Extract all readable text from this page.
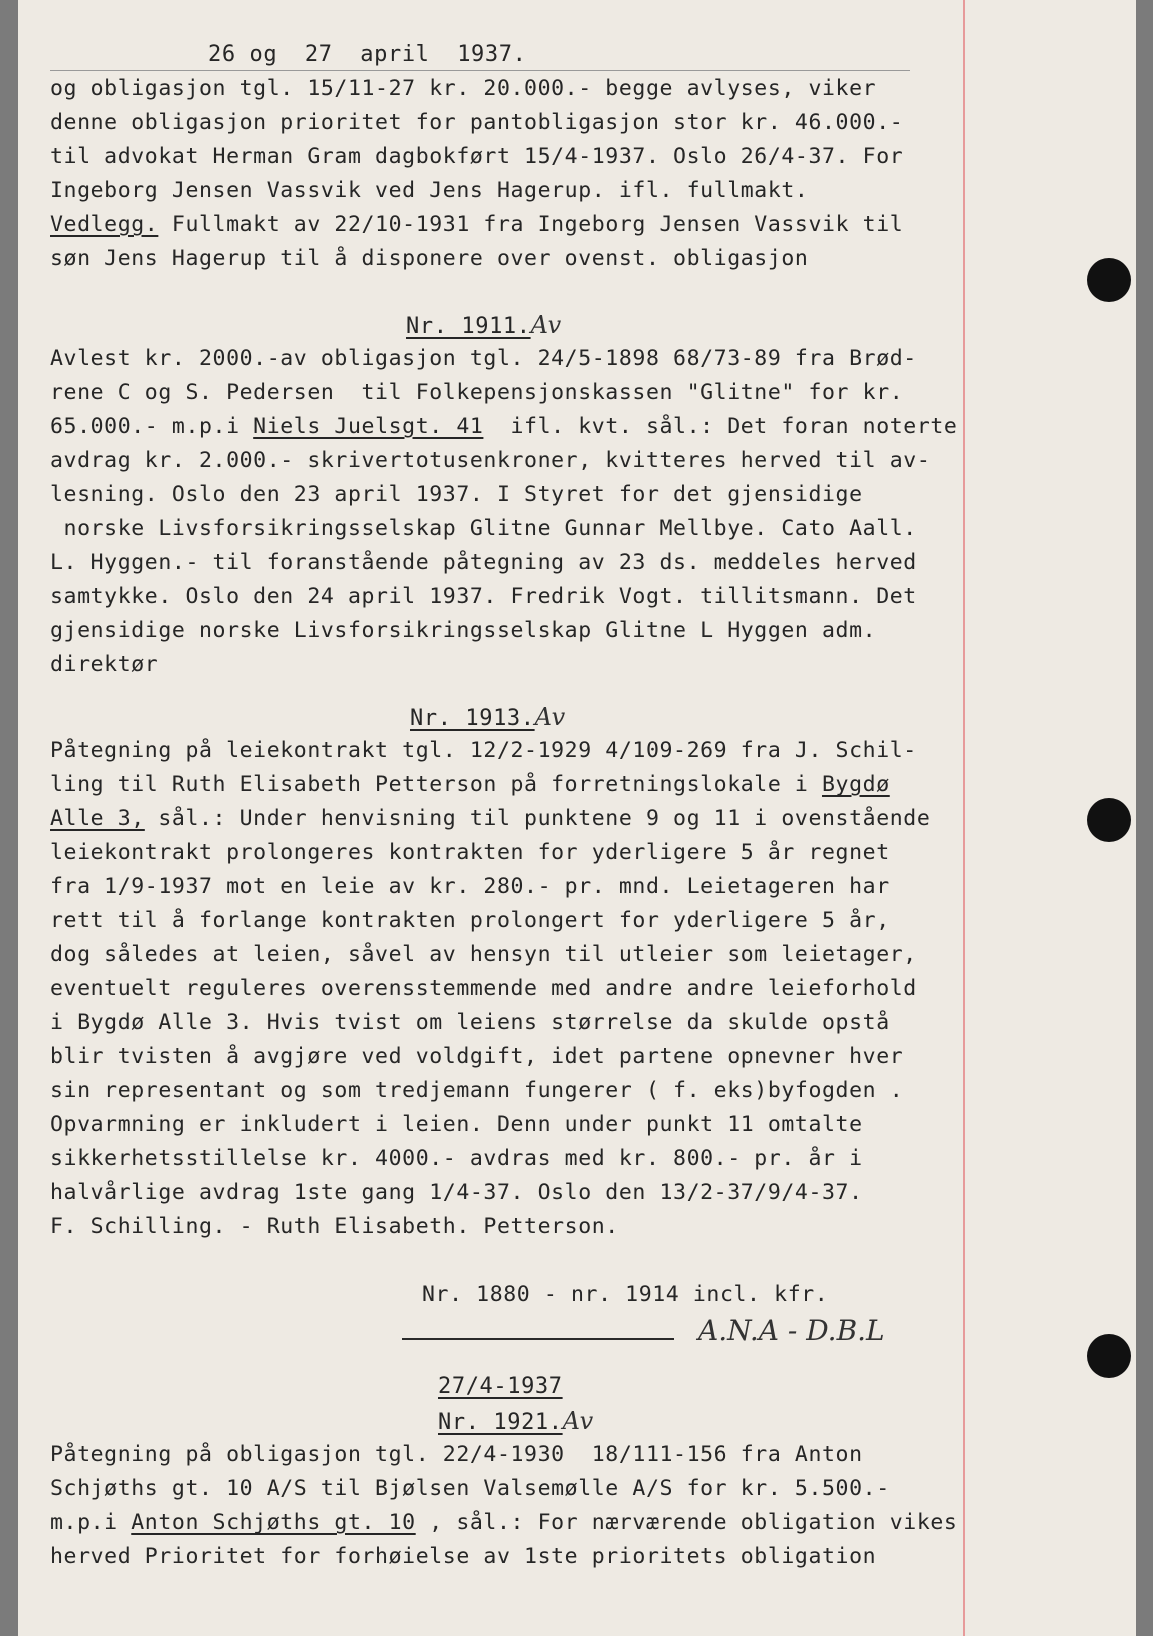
26 og  27  april  1937.

og obligasjon tgl. 15/11-27 kr. 20.000.- begge avlyses, viker

denne obligasjon prioritet for pantobligasjon stor kr. 46.000.-

til advokat Herman Gram dagbokført 15/4-1937. Oslo 26/4-37. For

Ingeborg Jensen Vassvik ved Jens Hagerup. ifl. fullmakt.

Vedlegg. Fullmakt av 22/10-1931 fra Ingeborg Jensen Vassvik til

søn Jens Hagerup til å disponere over ovenst. obligasjon

Nr. 1911.Av

Avlest kr. 2000.-av obligasjon tgl. 24/5-1898 68/73-89 fra Brød-

rene C og S. Pedersen  til Folkepensjonskassen "Glitne" for kr.

65.000.- m.p.i Niels Juelsgt. 41  ifl. kvt. sål.: Det foran noterte

avdrag kr. 2.000.- skrivertotusenkroner, kvitteres herved til av-

lesning. Oslo den 23 april 1937. I Styret for det gjensidige

norske Livsforsikringsselskap Glitne Gunnar Mellbye. Cato Aall.

L. Hyggen.- til foranstående påtegning av 23 ds. meddeles herved

samtykke. Oslo den 24 april 1937. Fredrik Vogt. tillitsmann. Det

gjensidige norske Livsforsikringsselskap Glitne L Hyggen adm.

direktør

Nr. 1913.Av

Påtegning på leiekontrakt tgl. 12/2-1929 4/109-269 fra J. Schil-

ling til Ruth Elisabeth Petterson på forretningslokale i Bygdø

Alle 3, sål.: Under henvisning til punktene 9 og 11 i ovenstående

leiekontrakt prolongeres kontrakten for yderligere 5 år regnet

fra 1/9-1937 mot en leie av kr. 280.- pr. mnd. Leietageren har

rett til å forlange kontrakten prolongert for yderligere 5 år,

dog således at leien, såvel av hensyn til utleier som leietager,

eventuelt reguleres overensstemmende med andre andre leieforhold

i Bygdø Alle 3. Hvis tvist om leiens størrelse da skulde opstå

blir tvisten å avgjøre ved voldgift, idet partene opnevner hver

sin representant og som tredjemann fungerer ( f. eks)byfogden .

Opvarmning er inkludert i leien. Denn under punkt 11 omtalte

sikkerhetsstillelse kr. 4000.- avdras med kr. 800.- pr. år i

halvårlige avdrag 1ste gang 1/4-37. Oslo den 13/2-37/9/4-37.

F. Schilling. - Ruth Elisabeth. Petterson.

Nr. 1880 - nr. 1914 incl. kfr.

A.N.A - D.B.L

27/4-1937

Nr. 1921.Av

Påtegning på obligasjon tgl. 22/4-1930  18/111-156 fra Anton

Schjøths gt. 10 A/S til Bjølsen Valsemølle A/S for kr. 5.500.-

m.p.i Anton Schjøths gt. 10 , sål.: For nærværende obligation vikes

herved Prioritet for forhøielse av 1ste prioritets obligation
